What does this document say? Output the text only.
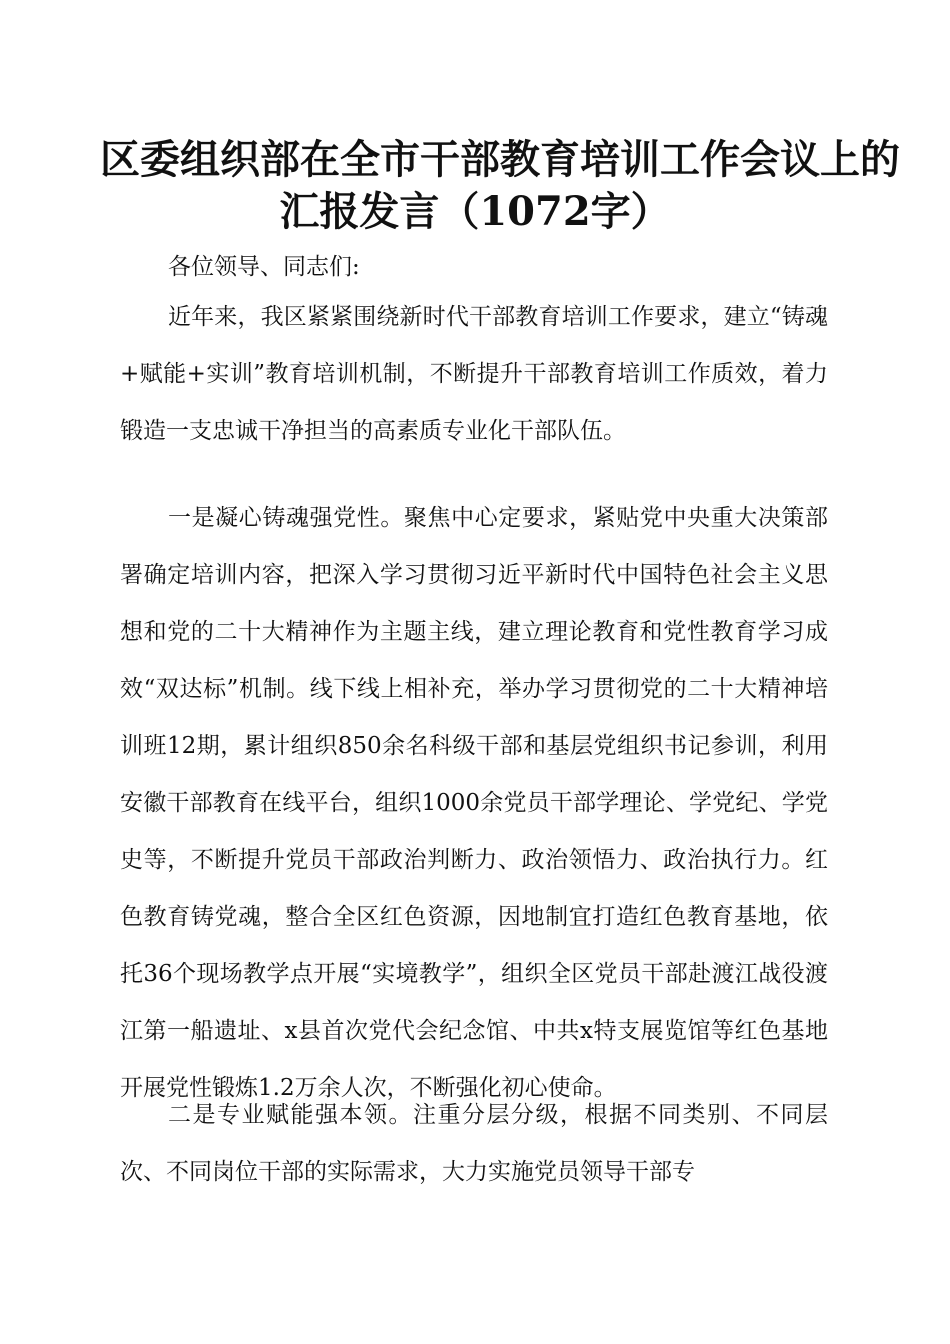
区委组织部在全市干部教育培训工作会议上的
汇报发言（1072字）
各位领导、同志们:
近年来，我区紧紧围绕新时代干部教育培训工作要求，建立“铸魂+赋能+实训”教育培训机制，不断提升干部教育培训工作质效，着力锻造一支忠诚干净担当的高素质专业化干部队伍。
一是凝心铸魂强党性。聚焦中心定要求，紧贴党中央重大决策部署确定培训内容，把深入学习贯彻习近平新时代中国特色社会主义思想和党的二十大精神作为主题主线，建立理论教育和党性教育学习成效“双达标”机制。线下线上相补充，举办学习贯彻党的二十大精神培训班12期，累计组织850余名科级干部和基层党组织书记参训，利用安徽干部教育在线平台，组织1000余党员干部学理论、学党纪、学党史等，不断提升党员干部政治判断力、政治领悟力、政治执行力。红色教育铸党魂，整合全区红色资源，因地制宜打造红色教育基地，依托36个现场教学点开展“实境教学”，组织全区党员干部赴渡江战役渡江第一船遗址、x县首次党代会纪念馆、中共x特支展览馆等红色基地开展党性锻炼1.2万余人次，不断强化初心使命。
二是专业赋能强本领。注重分层分级，根据不同类别、不同层次、不同岗位干部的实际需求，大力实施党员领导干部专
